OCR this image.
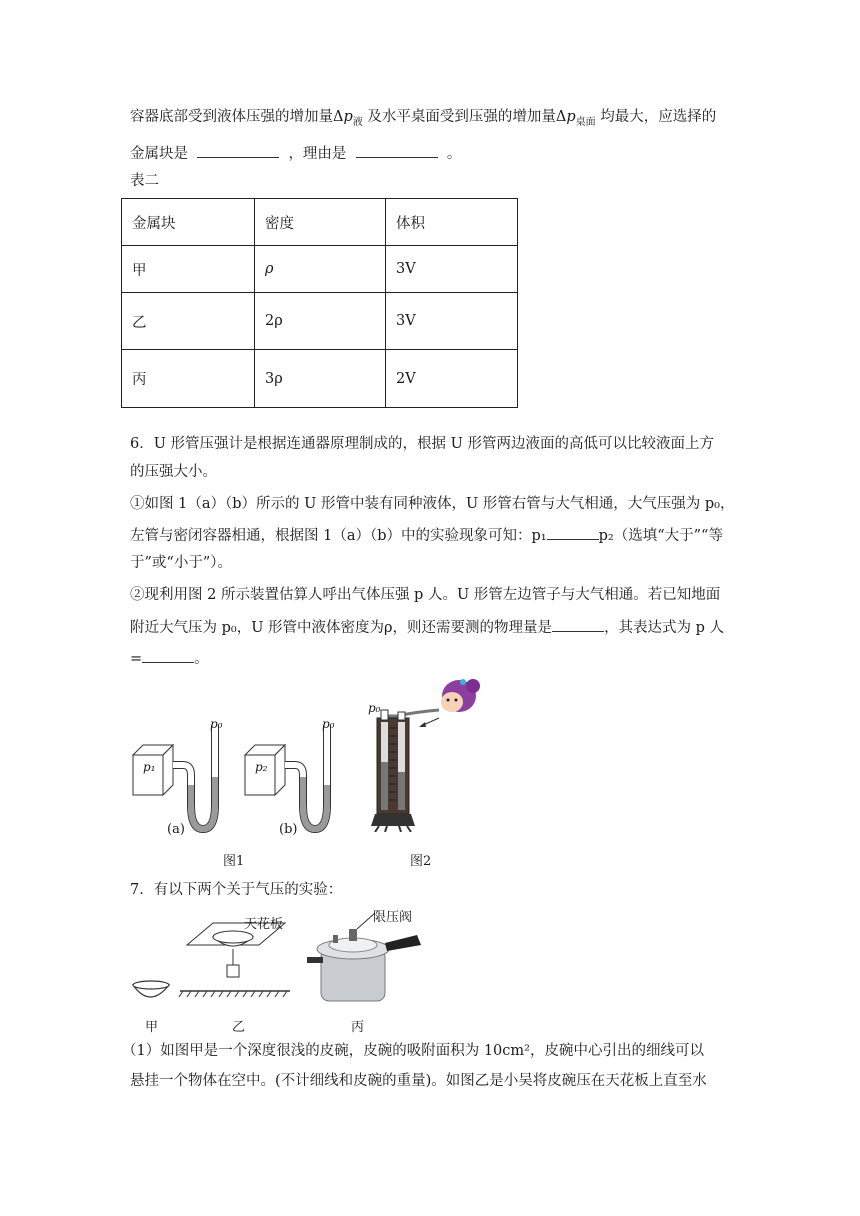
容器底部受到液体压强的增加量$\Delta p_液$ 及水平桌面受到压强的增加量$\Delta p_{桌面}$ 均最大，应选择的
金属块是	，理由是	。
表二
金属块	密度	体积
甲	ρ	3V
乙	2ρ	3V
丙	3ρ	2V
6．U 形管压强计是根据连通器原理制成的，根据 U 形管两边液面的高低可以比较液面上方
的压强大小。
①如图 1（a）（b）所示的 U 形管中装有同种液体，U 形管右管与大气相通，大气压强为 p₀，
左管与密闭容器相通，根据图 1（a）（b）中的实验现象可知：p₁	p₂（选填“大于”“等
于”或“小于”）。
②现利用图 2 所示装置估算人呼出气体压强 p 人。U 形管左边管子与大气相通。若已知地面
附近大气压为 p₀，U 形管中液体密度为ρ，则还需要测的物理量是	，其表达式为 p 人
=	。
p₁
p₀
(a)
p₂
p₀
(b)
图1
p₀
图2
7．有以下两个关于气压的实验：
天花板	限压阀
甲	乙	丙
（1）如图甲是一个深度很浅的皮碗，皮碗的吸附面积为 10cm²，皮碗中心引出的细线可以
悬挂一个物体在空中。(不计细线和皮碗的重量)。如图乙是小吴将皮碗压在天花板上直至水
